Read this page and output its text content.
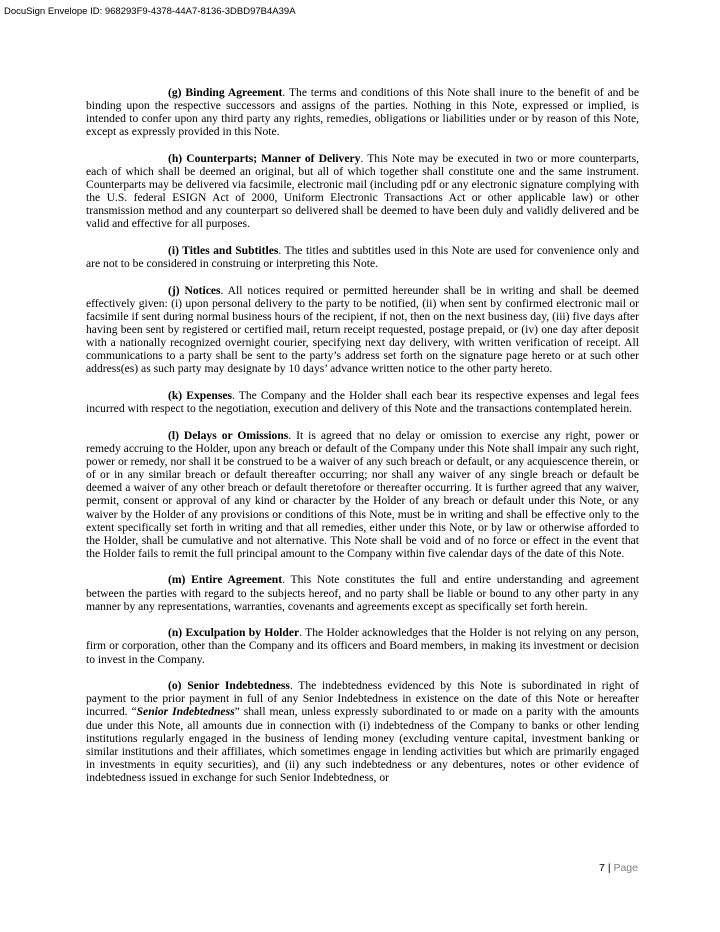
DocuSign Envelope ID: 968293F9-4378-44A7-8136-3DBD97B4A39A

(g) Binding Agreement. The terms and conditions of this Note shall inure to the benefit of and be binding upon the respective successors and assigns of the parties. Nothing in this Note, expressed or implied, is intended to confer upon any third party any rights, remedies, obligations or liabilities under or by reason of this Note, except as expressly provided in this Note.

(h) Counterparts; Manner of Delivery. This Note may be executed in two or more counterparts, each of which shall be deemed an original, but all of which together shall constitute one and the same instrument. Counterparts may be delivered via facsimile, electronic mail (including pdf or any electronic signature complying with the U.S. federal ESIGN Act of 2000, Uniform Electronic Transactions Act or other applicable law) or other transmission method and any counterpart so delivered shall be deemed to have been duly and validly delivered and be valid and effective for all purposes.

(i) Titles and Subtitles. The titles and subtitles used in this Note are used for convenience only and are not to be considered in construing or interpreting this Note.

(j) Notices. All notices required or permitted hereunder shall be in writing and shall be deemed effectively given: (i) upon personal delivery to the party to be notified, (ii) when sent by confirmed electronic mail or facsimile if sent during normal business hours of the recipient, if not, then on the next business day, (iii) five days after having been sent by registered or certified mail, return receipt requested, postage prepaid, or (iv) one day after deposit with a nationally recognized overnight courier, specifying next day delivery, with written verification of receipt. All communications to a party shall be sent to the party’s address set forth on the signature page hereto or at such other address(es) as such party may designate by 10 days’ advance written notice to the other party hereto.

(k) Expenses. The Company and the Holder shall each bear its respective expenses and legal fees incurred with respect to the negotiation, execution and delivery of this Note and the transactions contemplated herein.

(l) Delays or Omissions. It is agreed that no delay or omission to exercise any right, power or remedy accruing to the Holder, upon any breach or default of the Company under this Note shall impair any such right, power or remedy, nor shall it be construed to be a waiver of any such breach or default, or any acquiescence therein, or of or in any similar breach or default thereafter occurring; nor shall any waiver of any single breach or default be deemed a waiver of any other breach or default theretofore or thereafter occurring. It is further agreed that any waiver, permit, consent or approval of any kind or character by the Holder of any breach or default under this Note, or any waiver by the Holder of any provisions or conditions of this Note, must be in writing and shall be effective only to the extent specifically set forth in writing and that all remedies, either under this Note, or by law or otherwise afforded to the Holder, shall be cumulative and not alternative. This Note shall be void and of no force or effect in the event that the Holder fails to remit the full principal amount to the Company within five calendar days of the date of this Note.

(m) Entire Agreement. This Note constitutes the full and entire understanding and agreement between the parties with regard to the subjects hereof, and no party shall be liable or bound to any other party in any manner by any representations, warranties, covenants and agreements except as specifically set forth herein.

(n) Exculpation by Holder. The Holder acknowledges that the Holder is not relying on any person, firm or corporation, other than the Company and its officers and Board members, in making its investment or decision to invest in the Company.

(o) Senior Indebtedness. The indebtedness evidenced by this Note is subordinated in right of payment to the prior payment in full of any Senior Indebtedness in existence on the date of this Note or hereafter incurred. “Senior Indebtedness” shall mean, unless expressly subordinated to or made on a parity with the amounts due under this Note, all amounts due in connection with (i) indebtedness of the Company to banks or other lending institutions regularly engaged in the business of lending money (excluding venture capital, investment banking or similar institutions and their affiliates, which sometimes engage in lending activities but which are primarily engaged in investments in equity securities), and (ii) any such indebtedness or any debentures, notes or other evidence of indebtedness issued in exchange for such Senior Indebtedness, or

7 | Page
